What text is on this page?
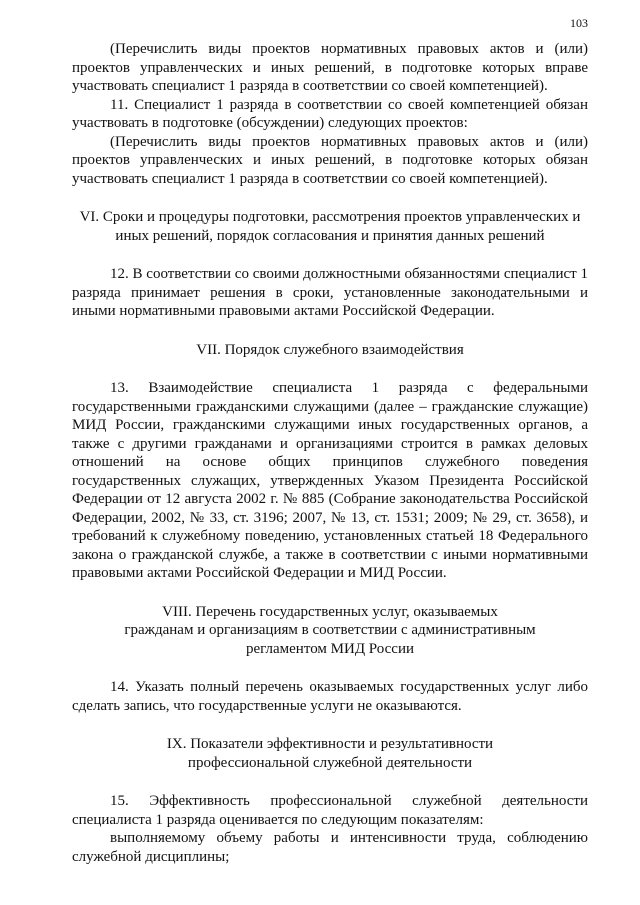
103

(Перечислить виды проектов нормативных правовых актов и (или) проектов управленческих и иных решений, в подготовке которых вправе участвовать специалист 1 разряда в соответствии со своей компетенцией).

11. Специалист 1 разряда в соответствии со своей компетенцией обязан участвовать в подготовке (обсуждении) следующих проектов:

(Перечислить виды проектов нормативных правовых актов и (или) проектов управленческих и иных решений, в подготовке которых обязан участвовать специалист 1 разряда в соответствии со своей компетенцией).

VI. Сроки и процедуры подготовки, рассмотрения проектов управленческих и иных решений, порядок согласования и принятия данных решений

12. В соответствии со своими должностными обязанностями специалист 1 разряда принимает решения в сроки, установленные законодательными и иными нормативными правовыми актами Российской Федерации.

VII. Порядок служебного взаимодействия

13. Взаимодействие специалиста 1 разряда с федеральными государственными гражданскими служащими (далее – гражданские служащие) МИД России, гражданскими служащими иных государственных органов, а также с другими гражданами и организациями строится в рамках деловых отношений на основе общих принципов служебного поведения государственных служащих, утвержденных Указом Президента Российской Федерации от 12 августа 2002 г. № 885 (Собрание законодательства Российской Федерации, 2002, № 33, ст. 3196; 2007, № 13, ст. 1531; 2009; № 29, ст. 3658), и требований к служебному поведению, установленных статьей 18 Федерального закона о гражданской службе, а также в соответствии с иными нормативными правовыми актами Российской Федерации и МИД России.

VIII. Перечень государственных услуг, оказываемых
гражданам и организациям в соответствии с административным
регламентом МИД России

14. Указать полный перечень оказываемых государственных услуг либо сделать запись, что государственные услуги не оказываются.

IX. Показатели эффективности и результативности
профессиональной служебной деятельности

15. Эффективность профессиональной служебной деятельности специалиста 1 разряда оценивается по следующим показателям:

выполняемому объему работы и интенсивности труда, соблюдению служебной дисциплины;
